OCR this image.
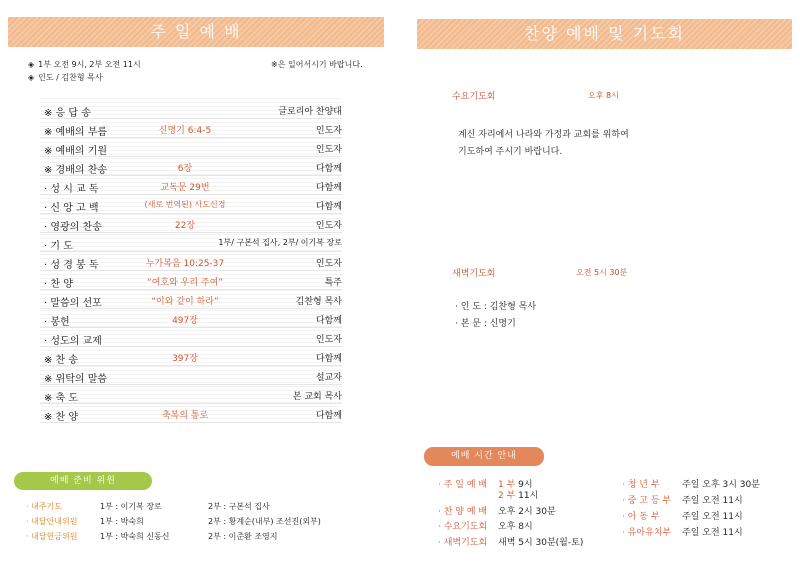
주 일 예 배
◈ 1부 오전 9시, 2부 오전 11시	※은 일어서시기 바랍니다.
◈ 인도 / 김찬형 목사
※ 응 답 송	글로리아 찬양대
※ 예배의 부름	신명기 6:4-5	인도자
※ 예배의 기원	인도자
※ 경배의 찬송	6장	다함께
· 성 시 교 독	교독문 29번	다함께
· 신 앙 고 백	(새로 번역된) 사도신경	다함께
· 영광의 찬송	22장	인도자
· 기 도	1부/ 구본석 집사, 2부/ 이기복 장로
· 성 경 봉 독	누가복음 10:25-37	인도자
· 찬 양	“여호와 우리 주여”	특주
· 말씀의 선포	“이와 같이 하라”	김찬형 목사
· 봉헌	497장	다함께
· 성도의 교제	인도자
※ 찬 송	397장	다함께
※ 위탁의 말씀	설교자
※ 축 도	본 교회 목사
※ 찬 양	축복의 통로	다함께
예배 준비 위원
· 내주기도	1부 : 이기복 장로	2부 : 구본석 집사
· 내달안내위원	1부 : 박숙희	2부 : 황계순(내부) 조선진(외부)
· 내달헌금위원	1부 : 박숙희 신동신	2부 : 이준환 조영지
찬양 예배 및 기도회
수요기도회	오후 8시
계신 자리에서 나라와 가정과 교회를 위하여
기도하여 주시기 바랍니다.
새벽기도회	오전 5시 30분
· 인 도 : 김찬형 목사
· 본 문 : 신명기
예배 시간 안내
· 주 일 예 배 1 부 9시
2 부 11시
· 찬 양 예 배 오후 2시 30분
· 수요기도회 오후 8시
· 새벽기도회 새벽 5시 30분(월-토)
· 청 년 부 주일 오후 3시 30분
· 중 고 등 부 주일 오전 11시
· 아 동 부 주일 오전 11시
· 유아유치부 주일 오전 11시
